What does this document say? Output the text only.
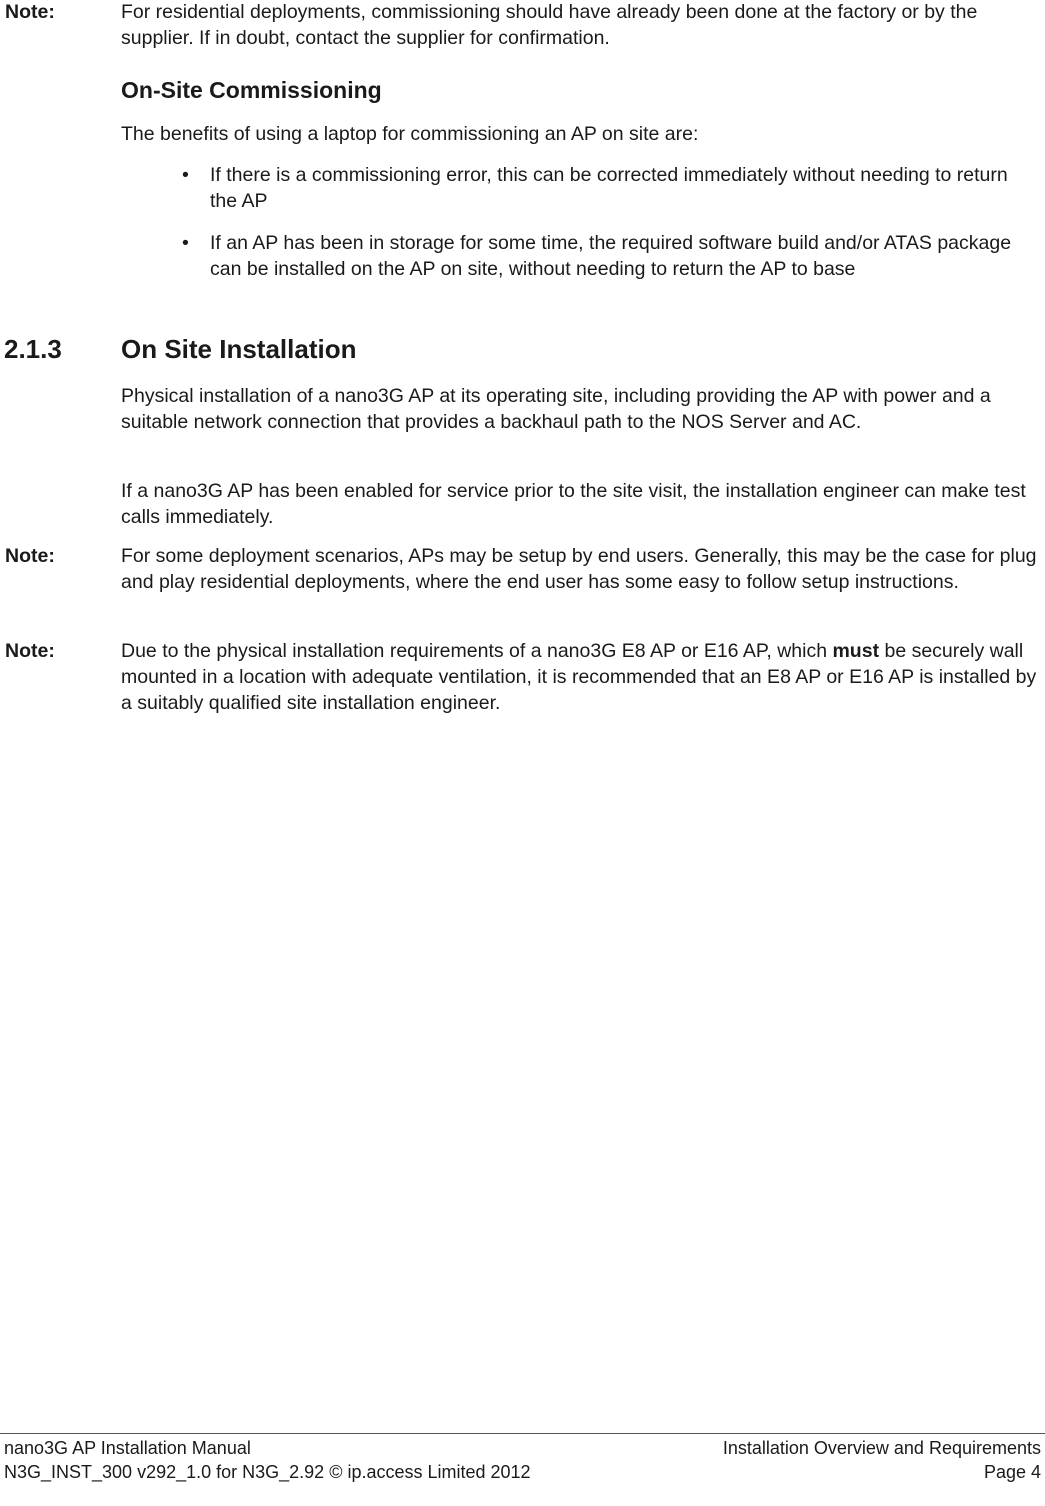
Note:	For residential deployments, commissioning should have already been done at the factory or by the supplier. If in doubt, contact the supplier for confirmation.
On-Site Commissioning
The benefits of using a laptop for commissioning an AP on site are:
• If there is a commissioning error, this can be corrected immediately without needing to return the AP
• If an AP has been in storage for some time, the required software build and/or ATAS package can be installed on the AP on site, without needing to return the AP to base
2.1.3 On Site Installation
Physical installation of a nano3G AP at its operating site, including providing the AP with power and a suitable network connection that provides a backhaul path to the NOS Server and AC.
If a nano3G AP has been enabled for service prior to the site visit, the installation engineer can make test calls immediately.
Note:	For some deployment scenarios, APs may be setup by end users. Generally, this may be the case for plug and play residential deployments, where the end user has some easy to follow setup instructions.
Note:	Due to the physical installation requirements of a nano3G E8 AP or E16 AP, which must be securely wall mounted in a location with adequate ventilation, it is recommended that an E8 AP or E16 AP is installed by a suitably qualified site installation engineer.
nano3G AP Installation Manual
N3G_INST_300 v292_1.0 for N3G_2.92 © ip.access Limited 2012
Installation Overview and Requirements
Page 4
